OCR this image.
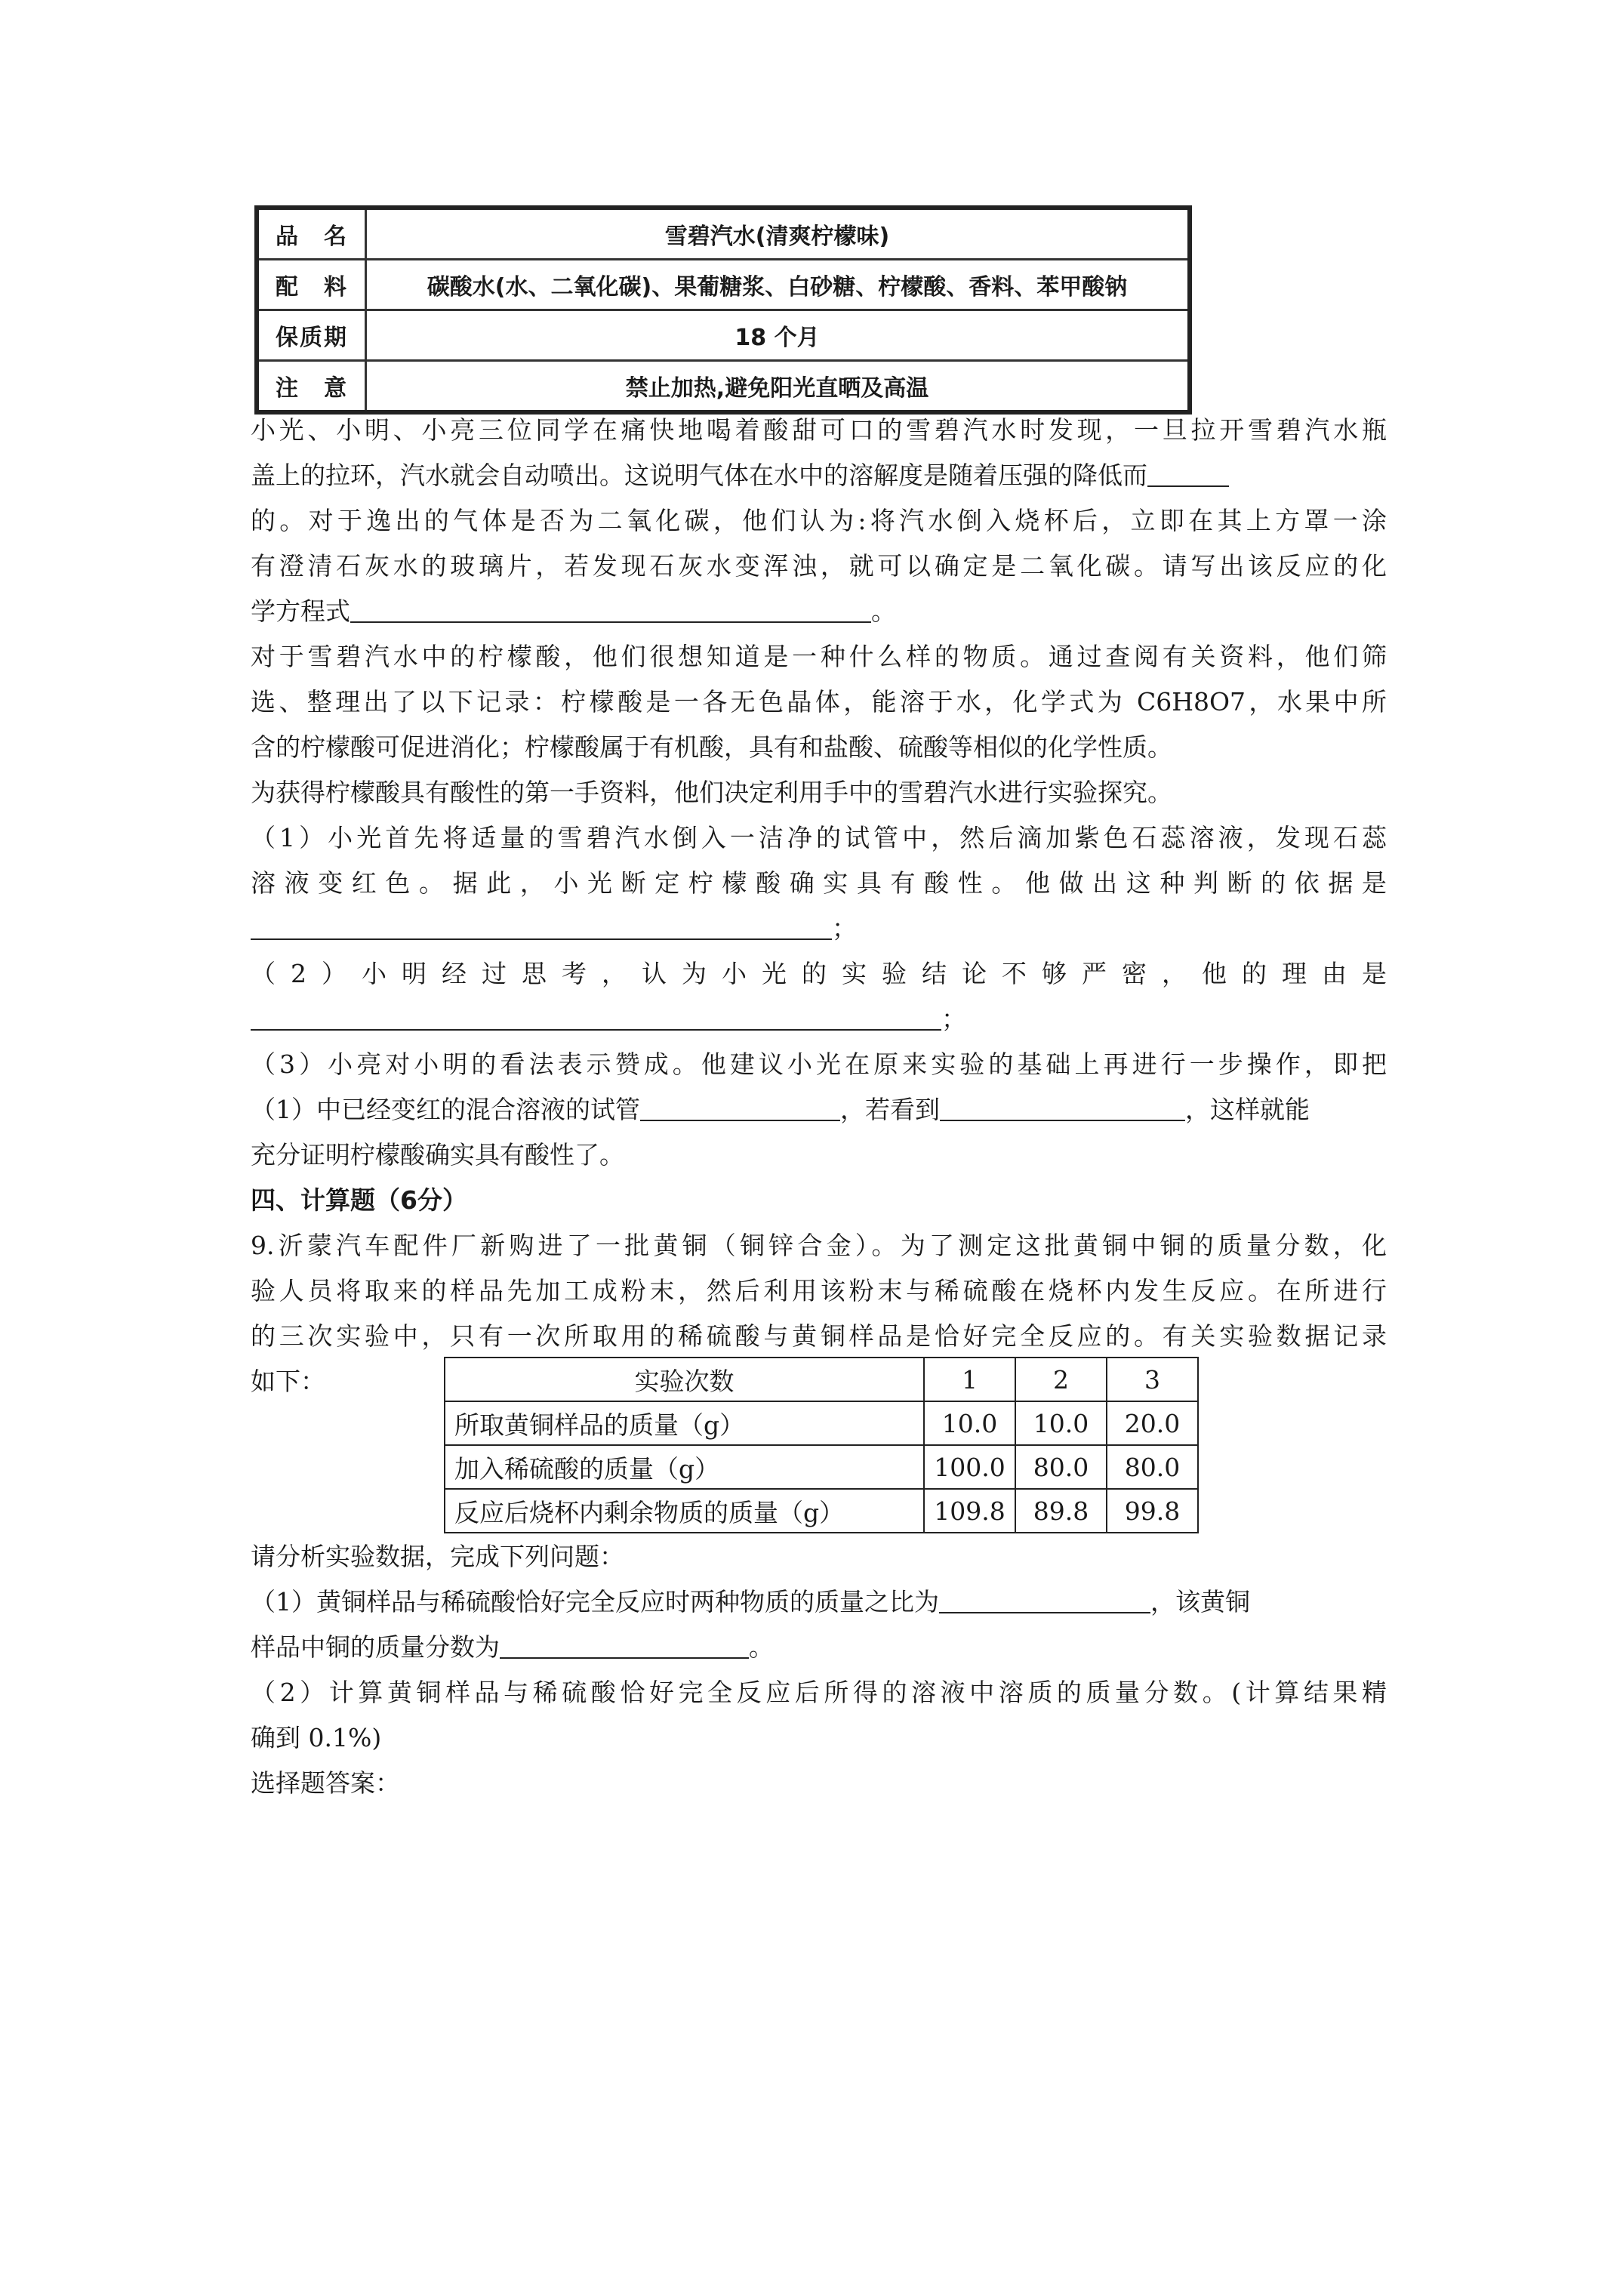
品　名	雪碧汽水(清爽柠檬味)
配　料	碳酸水(水、二氧化碳)、果葡糖浆、白砂糖、柠檬酸、香料、苯甲酸钠
保质期	18 个月
注　意	禁止加热,避免阳光直晒及高温

小光、小明、小亮三位同学在痛快地喝着酸甜可口的雪碧汽水时发现，一旦拉开雪碧汽水瓶

盖上的拉环，汽水就会自动喷出。这说明气体在水中的溶解度是随着压强的降低而

的。对于逸出的气体是否为二氧化碳，他们认为:将汽水倒入烧杯后，立即在其上方罩一涂

有澄清石灰水的玻璃片，若发现石灰水变浑浊，就可以确定是二氧化碳。请写出该反应的化

学方程式	。

对于雪碧汽水中的柠檬酸，他们很想知道是一种什么样的物质。通过查阅有关资料，他们筛

选、整理出了以下记录：柠檬酸是一各无色晶体，能溶于水，化学式为 C6H8O7，水果中所

含的柠檬酸可促进消化；柠檬酸属于有机酸，具有和盐酸、硫酸等相似的化学性质。

为获得柠檬酸具有酸性的第一手资料，他们决定利用手中的雪碧汽水进行实验探究。

（1）小光首先将适量的雪碧汽水倒入一洁净的试管中，然后滴加紫色石蕊溶液，发现石蕊

溶液变红色。据此，小光断定柠檬酸确实具有酸性。他做出这种判断的依据是

；

（2）小明经过思考，认为小光的实验结论不够严密，他的理由是

；

（3）小亮对小明的看法表示赞成。他建议小光在原来实验的基础上再进行一步操作，即把

（1）中已经变红的混合溶液的试管	，若看到	，这样就能

充分证明柠檬酸确实具有酸性了。

四、计算题（6分）

9.沂蒙汽车配件厂新购进了一批黄铜（铜锌合金）。为了测定这批黄铜中铜的质量分数，化

验人员将取来的样品先加工成粉末，然后利用该粉末与稀硫酸在烧杯内发生反应。在所进行

的三次实验中，只有一次所取用的稀硫酸与黄铜样品是恰好完全反应的。有关实验数据记录

如下：	实验次数	1	2	3
所取黄铜样品的质量（g）	10.0	10.0	20.0
加入稀硫酸的质量（g）	100.0	80.0	80.0
反应后烧杯内剩余物质的质量（g）	109.8	89.8	99.8

请分析实验数据，完成下列问题：

（1）黄铜样品与稀硫酸恰好完全反应时两种物质的质量之比为	，该黄铜

样品中铜的质量分数为	。

（2）计算黄铜样品与稀硫酸恰好完全反应后所得的溶液中溶质的质量分数。(计算结果精

确到 0.1%)

选择题答案：
